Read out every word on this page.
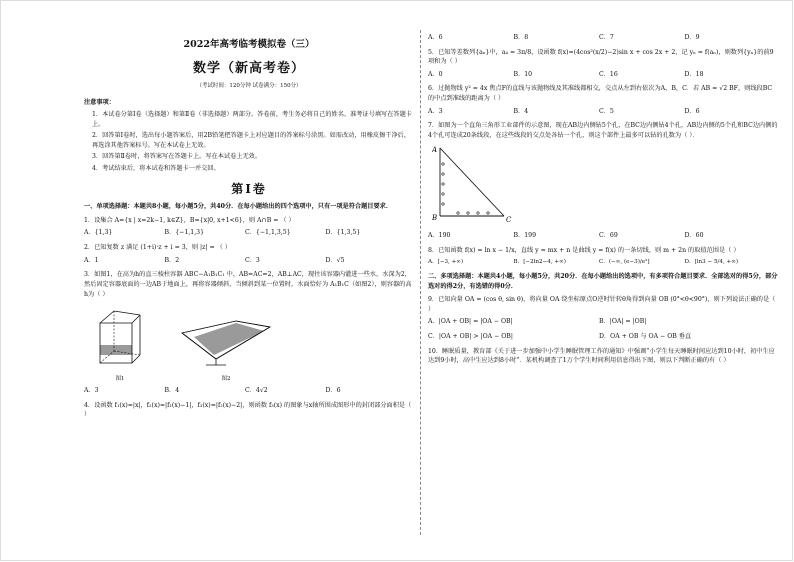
2022年高考临考模拟卷（三）
数学（新高考卷）
（考试时间：120分钟 试卷满分：150分）
注意事项：
1．本试卷分第Ⅰ卷（选择题）和第Ⅱ卷（非选择题）两部分。答卷前，考生务必将自己的姓名、准考证号填写在答题卡上。
2．回答第Ⅰ卷时，选出每小题答案后，用2B铅笔把答题卡上对应题目的答案标号涂黑。如需改动，用橡皮擦干净后，再选涂其他答案标号。写在本试卷上无效。
3．回答第Ⅱ卷时，将答案写在答题卡上。写在本试卷上无效。
4．考试结束后，将本试卷和答题卡一并交回。
第Ⅰ卷
一、单项选择题：本题共8小题，每小题5分，共40分．在每小题给出的四个选项中，只有一项是符合题目要求．
1．设集合 A={x | x=2k−1, k∈Z}，B={x|0, x+1<6}，则 A∩B = （ ）
A．{1,3}	B．{−1,1,3}	C．{−1,1,3,5}	D．{1,3,5}
2．已知复数 z 满足 (1+i)·z + i = 3，则 |z| = （ ）
A．1	B．2	C．3	D．√5
3．如图1，在高为h的直三棱柱容器 ABC−A₁B₁C₁ 中，AB=AC=2，AB⊥AC，现往该容器内灌进一些水，水深为2，然后固定容器底面的一边AB于地面上，再将容器倾斜，当倾斜到某一位置时，水面恰好为 A₁B₁C（如图2），则容器的高h为（ ）
图1	图2
A．3	B．4	C．4√2	D．6
4．设函数 f₁(x)=|x|，f₂(x)=|f₁(x)−1|，f₃(x)=|f₂(x)−2|，则函数 f₃(x) 的图象与x轴所围成图形中的封闭部分面积是（ ）
A．6	B．8	C．7	D．9
5．已知等差数列{aₙ}中，a₄ = 3π/8，设函数 f(x)=(4cos²(x/2)−2)sin x + cos 2x + 2，记 yₙ = f(aₙ)，则数列{yₙ}的前9项和为（ ）
A．0	B．10	C．16	D．18
6．过抛物线 y² = 4x 焦点F的直线与该抛物线及其准线都相交，交点从左到右依次为A，B，C．若 AB = √2 BF，则线段BC的中点到准线的距离为（ ）
A．3	B．4	C．5	D．6
7．如图为一个直角三角形工业部件的示意图，现在AB边内侧钻5个孔，在BC边内侧钻4个孔，AB边内侧的5个孔和BC边内侧的4个孔可连成20条线段，在这些线段的交点处各钻一个孔，则这个部件上最多可以钻的孔数为（ ）．
A
B	C
A．190	B．199	C．69	D．60
8．已知函数 f(x) = ln x − 1/x，直线 y = mx + n 是曲线 y = f(x) 的一条切线，则 m + 2n 的取值范围是（ ）
A．[−3, +∞)	B．[−2ln2−4, +∞)	C．(−∞, (e−3)/e²]	D．[ln3 − 5/4, +∞)
二、多项选择题：本题共4小题，每小题5分，共20分．在每小题给出的选项中，有多项符合题目要求．全部选对的得5分，部分选对的得2分，有选错的得0分．
9．已知向量 OA = (cos θ, sin θ)，将向量 OA 绕坐标原点O逆时针转θ角得到向量 OB (0°<θ<90°)，则下列说法正确的是（ ）
A．|OA + OB| = |OA − OB|	B．|OA| = |OB|
C．|OA + OB| > |OA − OB|	D．OA + OB 与 OA − OB 垂直
10．睡眠质量，教育部《关于进一步加强中小学生睡眠管理工作的通知》中强调“小学生每天睡眠时间应达到10小时，初中生应达到9小时，高中生应达到8小时”．某机构调查了1万个学生时间利用信息得出下图，则以下判断正确的有（ ）
